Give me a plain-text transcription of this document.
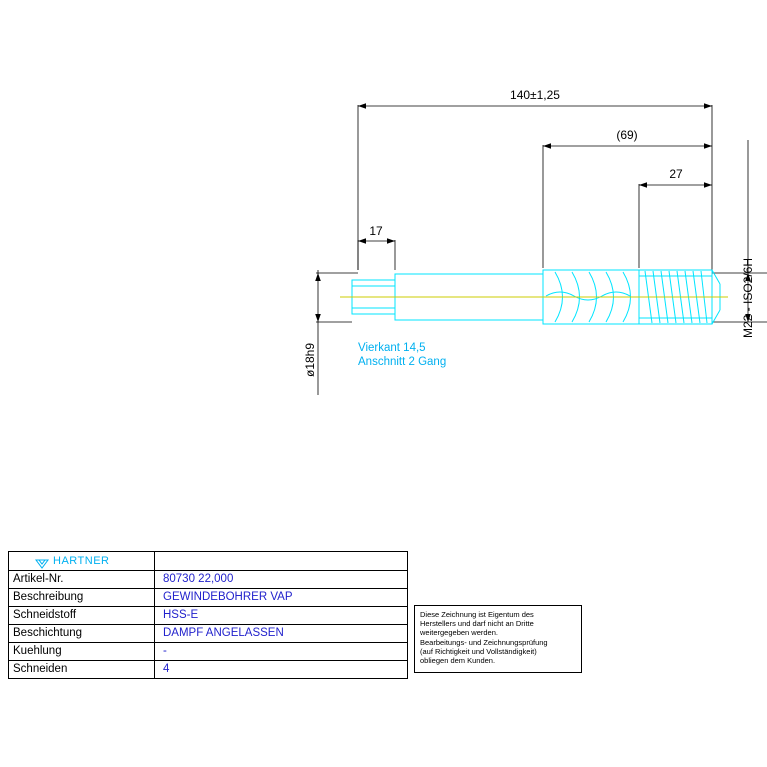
140±1,25
(69)
27
17
M22 - ISO2/6H
ø18h9	Vierkant 14,5
Anschnitt 2 Gang
HARTNER
Artikel-Nr.	80730 22,000
Beschreibung	GEWINDEBOHRER VAP
Schneidstoff	HSS-E
Beschichtung	DAMPF ANGELASSEN
Kuehlung	-
Schneiden	4

Diese Zeichnung ist Eigentum des

Herstellers und darf nicht an Dritte

weitergegeben werden.

Bearbeitungs- und Zeichnungsprüfung

(auf Richtigkeit und Vollständigkeit)

obliegen dem Kunden.
